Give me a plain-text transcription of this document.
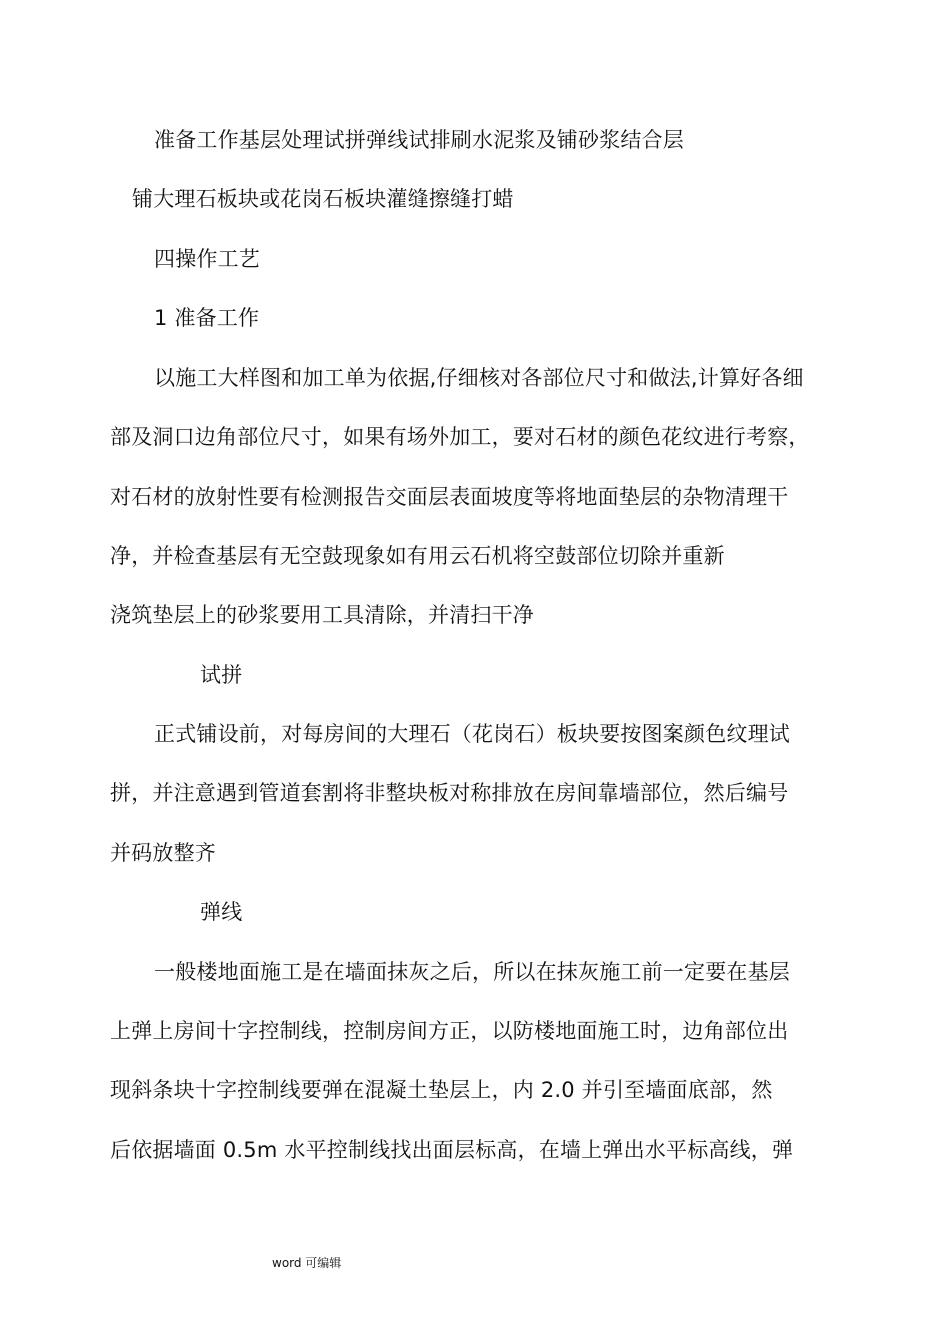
准备工作基层处理试拼弹线试排刷水泥浆及铺砂浆结合层
铺大理石板块或花岗石板块灌缝擦缝打蜡
四操作工艺
1 准备工作
以施工大样图和加工单为依据,仔细核对各部位尺寸和做法,计算好各细
部及洞口边角部位尺寸，如果有场外加工，要对石材的颜色花纹进行考察，
对石材的放射性要有检测报告交面层表面坡度等将地面垫层的杂物清理干
净，并检查基层有无空鼓现象如有用云石机将空鼓部位切除并重新
浇筑垫层上的砂浆要用工具清除，并清扫干净
试拼
正式铺设前，对每房间的大理石（花岗石）板块要按图案颜色纹理试
拼，并注意遇到管道套割将非整块板对称排放在房间靠墙部位，然后编号
并码放整齐
弹线
一般楼地面施工是在墙面抹灰之后，所以在抹灰施工前一定要在基层
上弹上房间十字控制线，控制房间方正，以防楼地面施工时，边角部位出
现斜条块十字控制线要弹在混凝土垫层上，内 2.0 并引至墙面底部，然
后依据墙面 0.5m 水平控制线找出面层标高，在墙上弹出水平标高线，弹
word 可编辑
